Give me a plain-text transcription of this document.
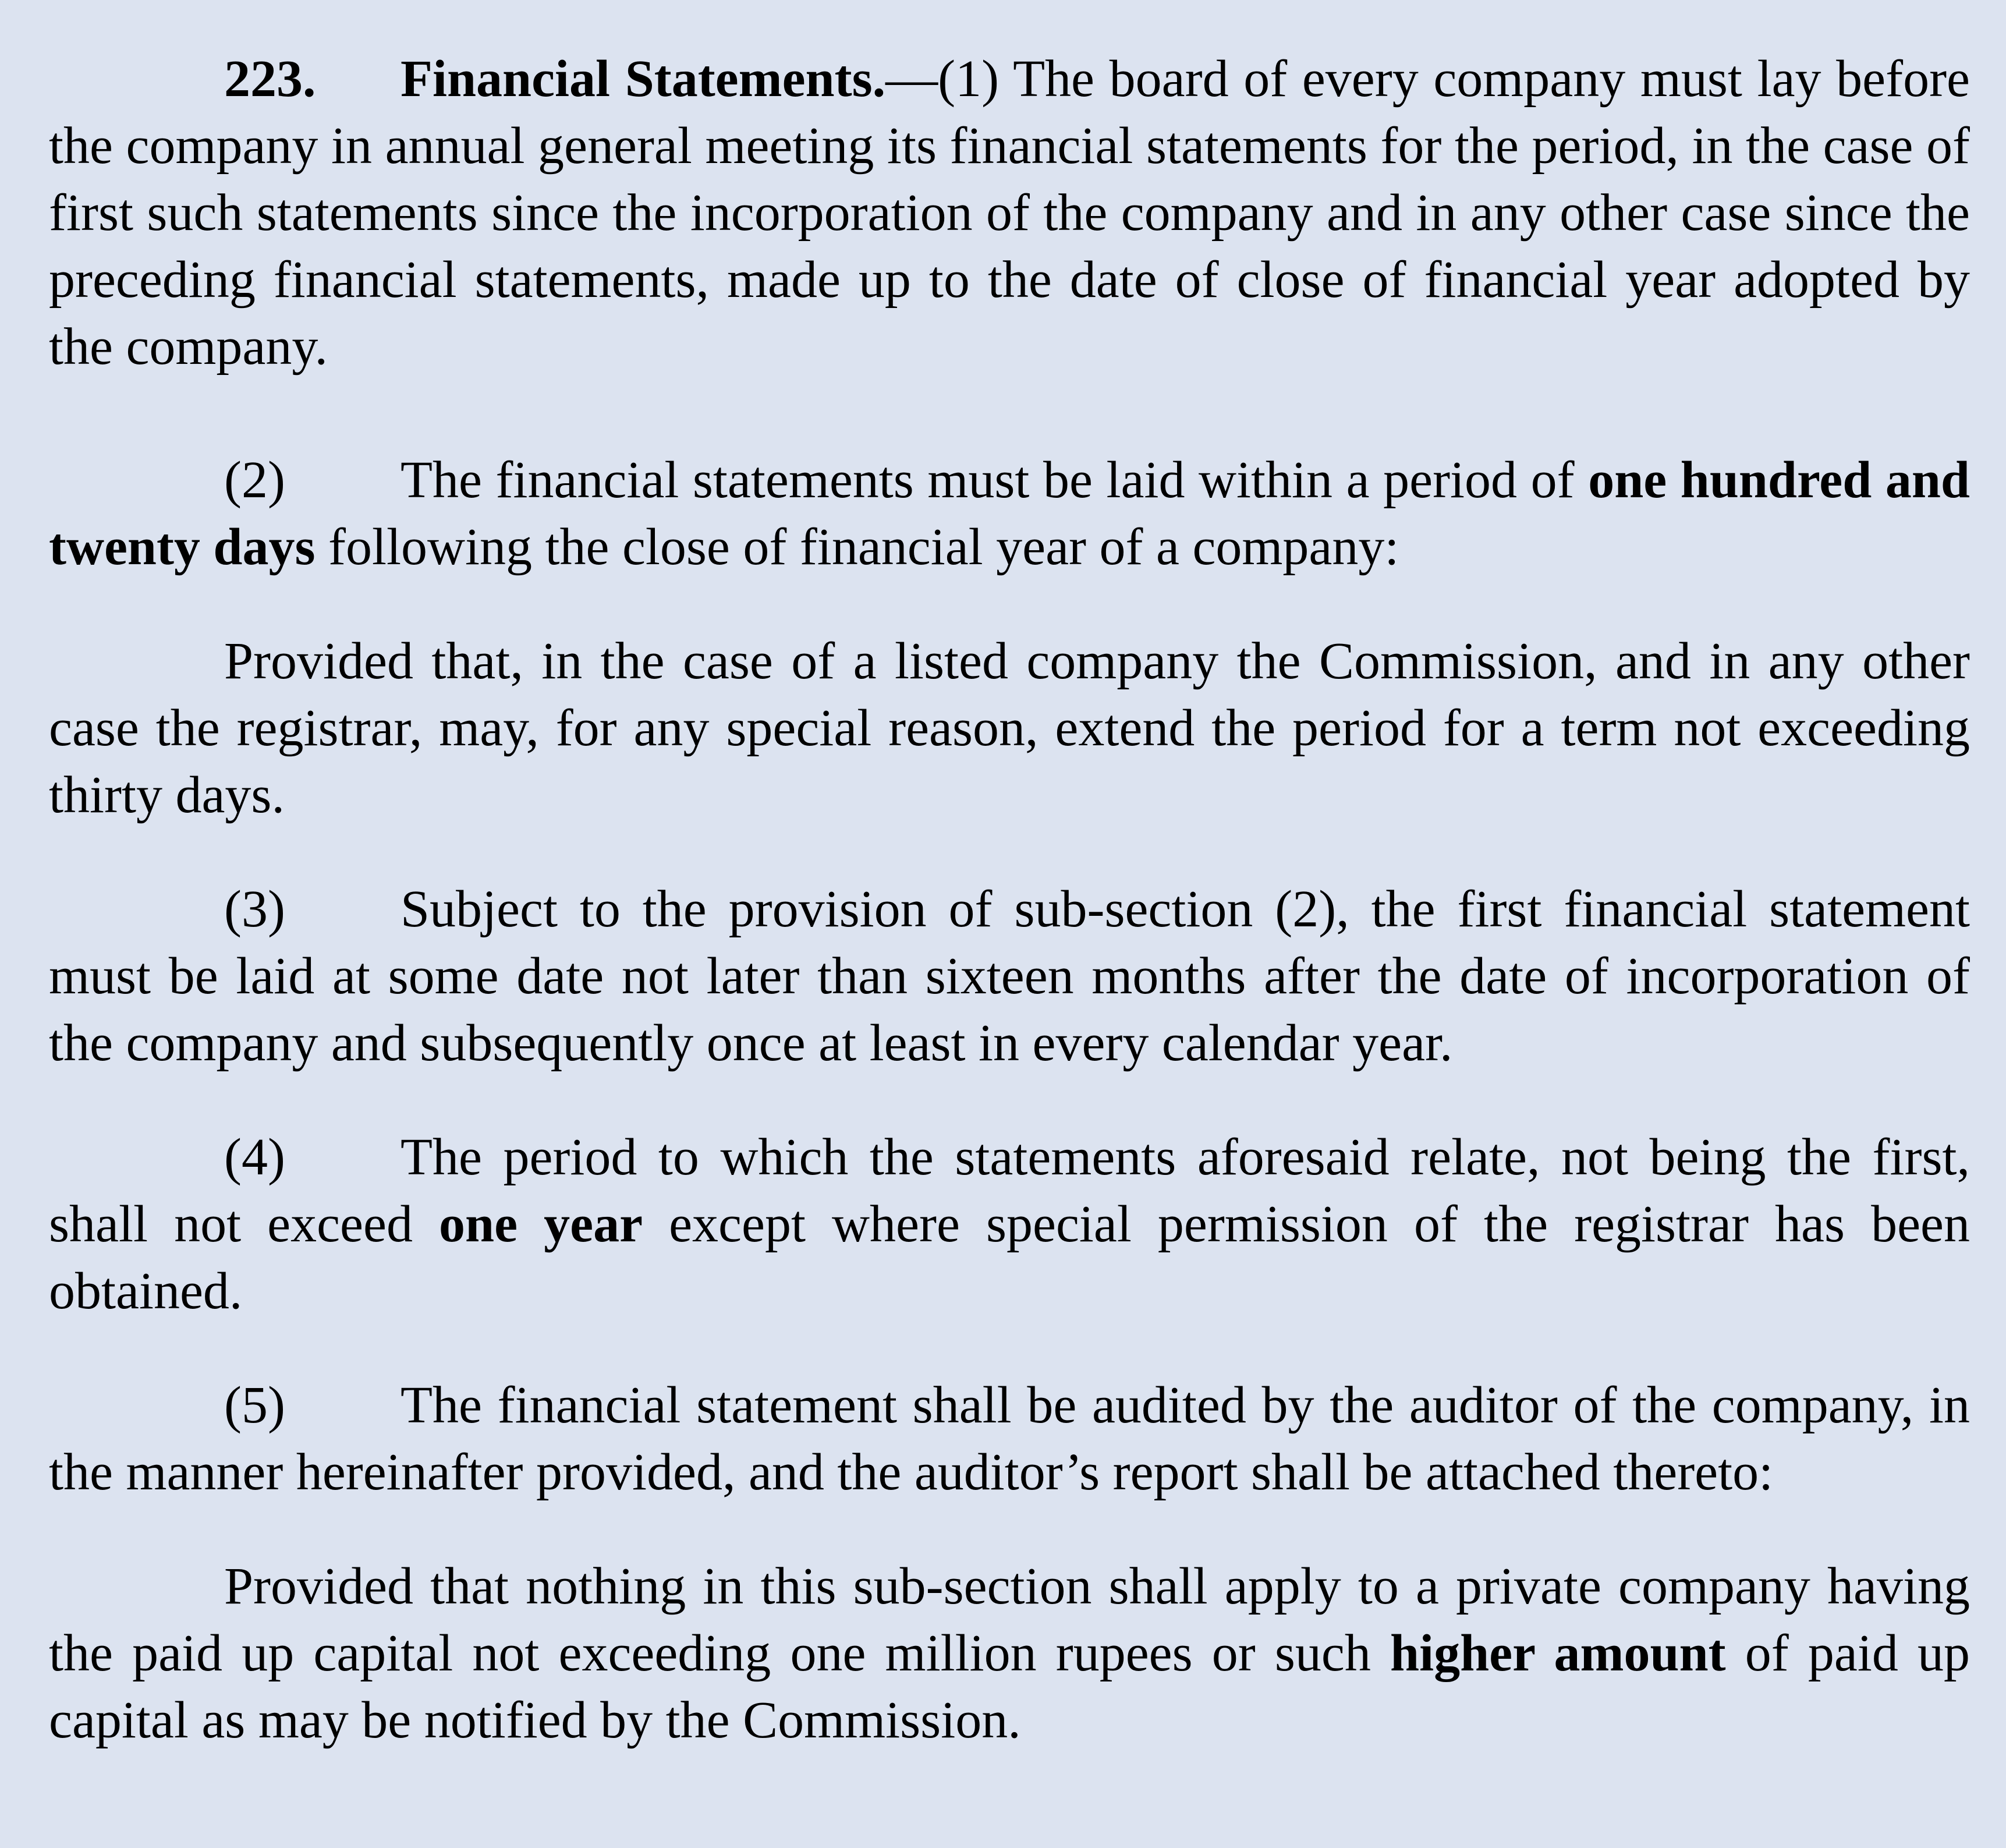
223. Financial Statements.—(1) The board of every company must lay before the company in annual general meeting its financial statements for the period, in the case of first such statements since the incorporation of the company and in any other case since the preceding financial statements, made up to the date of close of financial year adopted by the company.

(2) The financial statements must be laid within a period of one hundred and twenty days following the close of financial year of a company:

Provided that, in the case of a listed company the Commission, and in any other case the registrar, may, for any special reason, extend the period for a term not exceeding thirty days.

(3) Subject to the provision of sub-section (2), the first financial statement must be laid at some date not later than sixteen months after the date of incorporation of the company and subsequently once at least in every calendar year.

(4) The period to which the statements aforesaid relate, not being the first, shall not exceed one year except where special permission of the registrar has been obtained.

(5) The financial statement shall be audited by the auditor of the company, in the manner hereinafter provided, and the auditor’s report shall be attached thereto:

Provided that nothing in this sub-section shall apply to a private company having the paid up capital not exceeding one million rupees or such higher amount of paid up capital as may be notified by the Commission.
